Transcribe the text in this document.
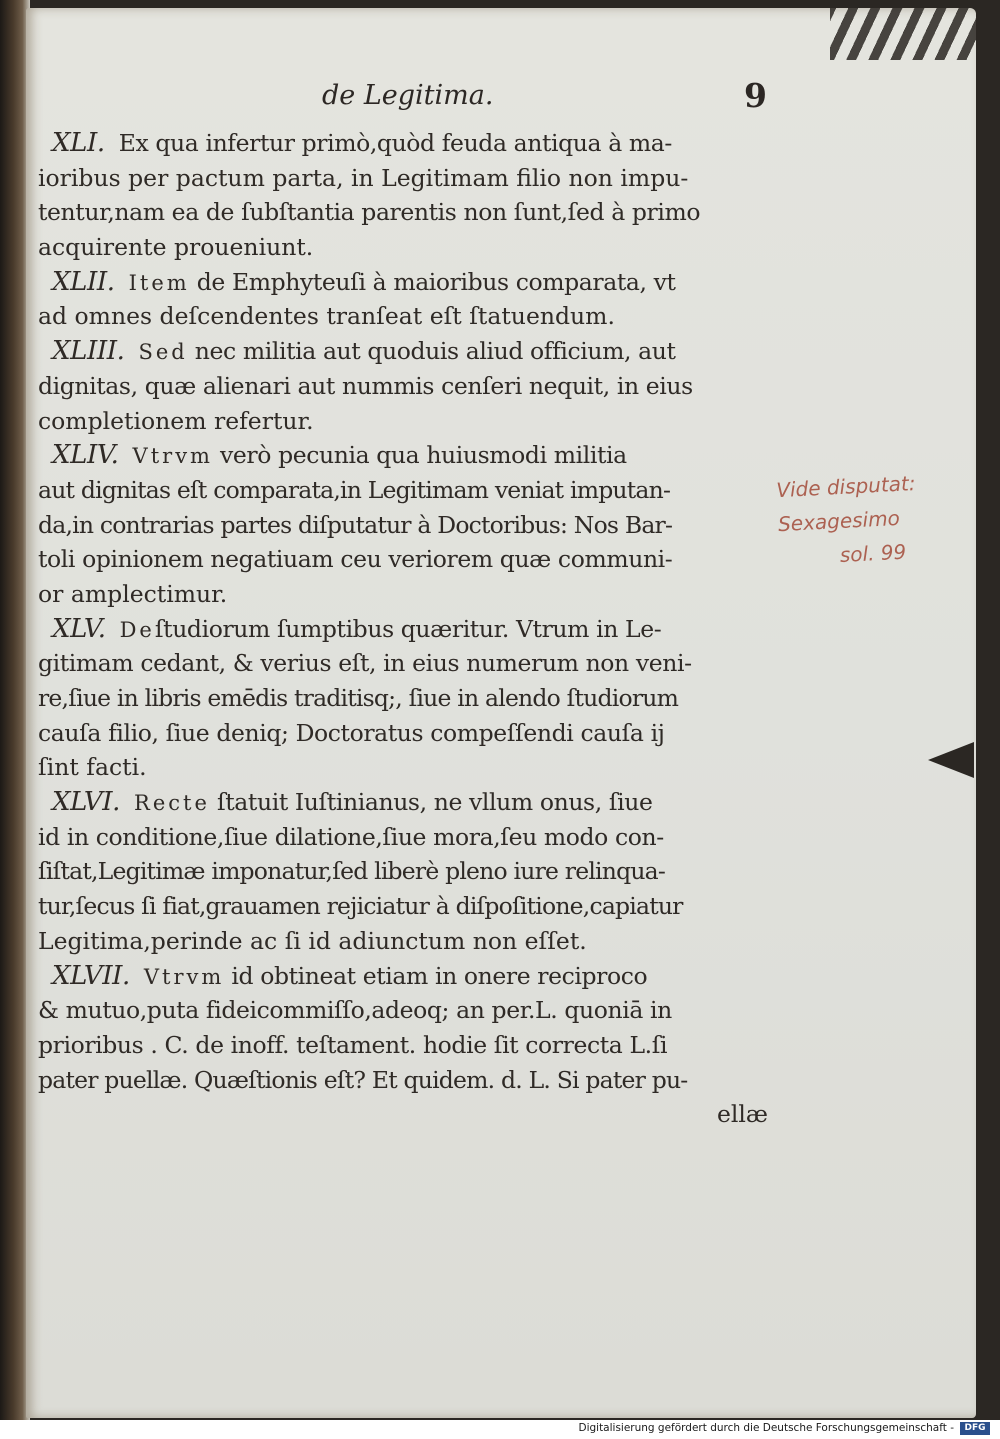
de Legitima.	9
XLI. Ex qua infertur primò,quòd feuda antiqua à ma-
ioribus per pactum parta, in Legitimam filio non impu-
tentur,nam ea de ſubſtantia parentis non ſunt,ſed à primo
acquirente proueniunt.
XLII. Item de Emphyteuſi à maioribus comparata, vt
ad omnes deſcendentes tranſeat eſt ſtatuendum.
XLIII. Sed nec militia aut quoduis aliud officium, aut
dignitas, quæ alienari aut nummis cenſeri nequit, in eius
completionem refertur.
XLIV. Vtrvm verò pecunia qua huiusmodi militia
aut dignitas eſt comparata,in Legitimam veniat imputan-
da,in contrarias partes diſputatur à Doctoribus: Nos Bar-
toli opinionem negatiuam ceu veriorem quæ communi-
or amplectimur.
XLV. Deſtudiorum ſumptibus quæritur. Vtrum in Le-
gitimam cedant, & verius eſt, in eius numerum non veni-
re,ſiue in libris emēdis traditisq;, ſiue in alendo ſtudiorum
cauſa filio, ſiue deniq; Doctoratus compeſſendi cauſa ij
ſint facti.
XLVI. Recte ſtatuit Iuſtinianus, ne vllum onus, ſiue
id in conditione,ſiue dilatione,ſiue mora,ſeu modo con-
ſiſtat,Legitimæ imponatur,ſed liberè pleno iure relinqua-
tur,ſecus ſi fiat,grauamen rejiciatur à diſpoſitione,capiatur
Legitima,perinde ac ſi id adiunctum non eſſet.
XLVII. Vtrvm id obtineat etiam in onere reciproco
& mutuo,puta fideicommiſſo,adeoq; an per.L. quoniā in
prioribus . C. de inoff. teſtament. hodie ſit correcta L.ſi
pater puellæ. Quæſtionis eſt? Et quidem. d. L. Si pater pu-
ellæ
Vide disputat:
Sexagesimo
sol. 99
Digitalisierung gefördert durch die Deutsche Forschungsgemeinschaft -	DFG
